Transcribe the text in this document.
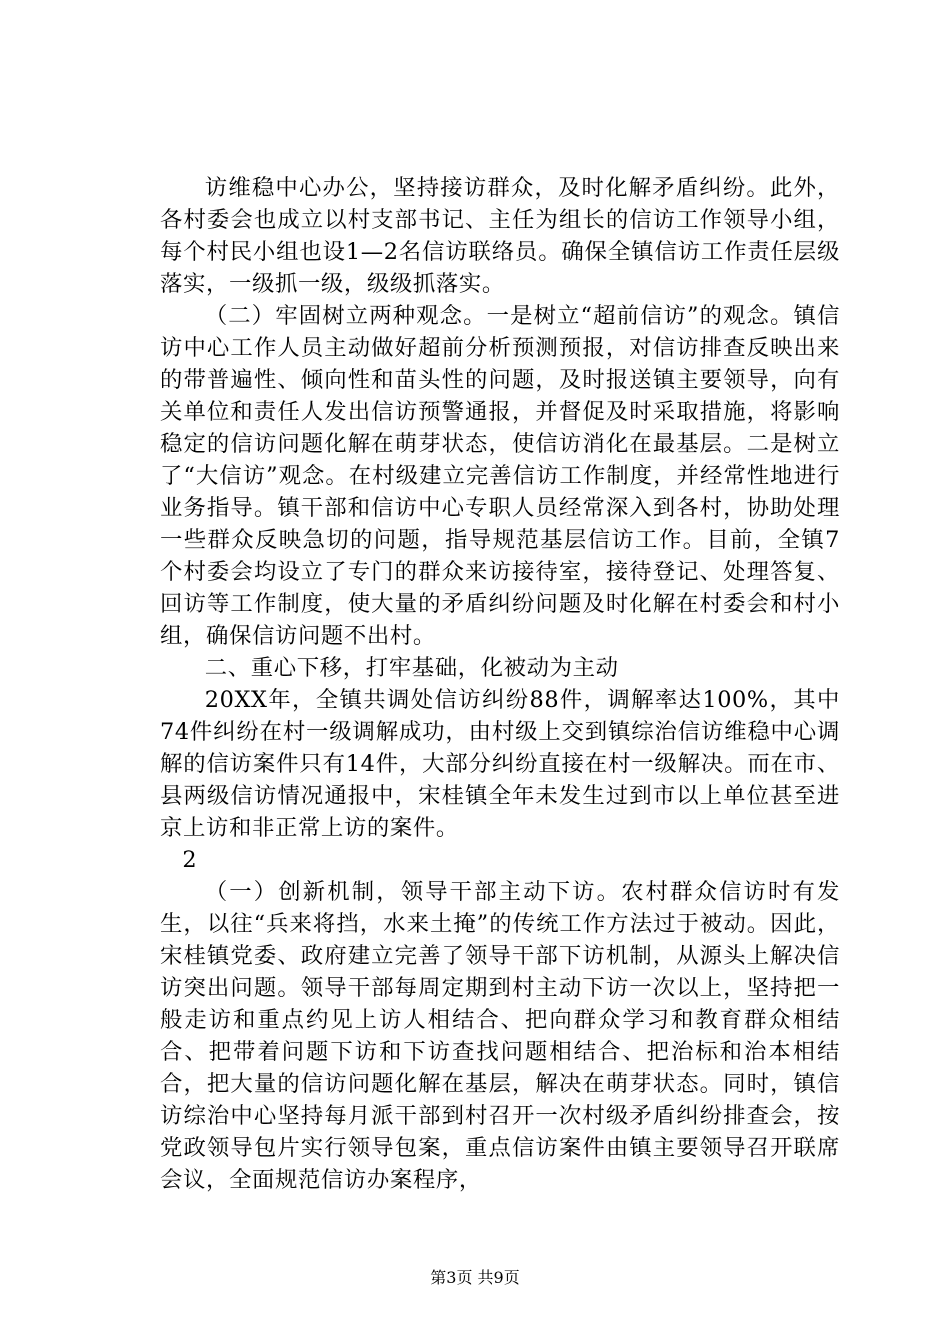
访维稳中心办公，坚持接访群众，及时化解矛盾纠纷。此外，各村委会也成立以村支部书记、主任为组长的信访工作领导小组，每个村民小组也设1—2名信访联络员。确保全镇信访工作责任层级落实，一级抓一级，级级抓落实。

（二）牢固树立两种观念。一是树立“超前信访”的观念。镇信访中心工作人员主动做好超前分析预测预报，对信访排查反映出来的带普遍性、倾向性和苗头性的问题，及时报送镇主要领导，向有关单位和责任人发出信访预警通报，并督促及时采取措施，将影响稳定的信访问题化解在萌芽状态，使信访消化在最基层。二是树立了“大信访”观念。在村级建立完善信访工作制度，并经常性地进行业务指导。镇干部和信访中心专职人员经常深入到各村，协助处理一些群众反映急切的问题，指导规范基层信访工作。目前，全镇7个村委会均设立了专门的群众来访接待室，接待登记、处理答复、回访等工作制度，使大量的矛盾纠纷问题及时化解在村委会和村小组，确保信访问题不出村。

二、重心下移，打牢基础，化被动为主动

20XX年，全镇共调处信访纠纷88件，调解率达100%，其中74件纠纷在村一级调解成功，由村级上交到镇综治信访维稳中心调解的信访案件只有14件，大部分纠纷直接在村一级解决。而在市、县两级信访情况通报中，宋桂镇全年未发生过到市以上单位甚至进京上访和非正常上访的案件。

2

（一）创新机制，领导干部主动下访。农村群众信访时有发生，以往“兵来将挡，水来土掩”的传统工作方法过于被动。因此，宋桂镇党委、政府建立完善了领导干部下访机制，从源头上解决信访突出问题。领导干部每周定期到村主动下访一次以上，坚持把一般走访和重点约见上访人相结合、把向群众学习和教育群众相结合、把带着问题下访和下访查找问题相结合、把治标和治本相结合，把大量的信访问题化解在基层，解决在萌芽状态。同时，镇信访综治中心坚持每月派干部到村召开一次村级矛盾纠纷排查会，按党政领导包片实行领导包案，重点信访案件由镇主要领导召开联席会议，全面规范信访办案程序，

第3页 共9页
